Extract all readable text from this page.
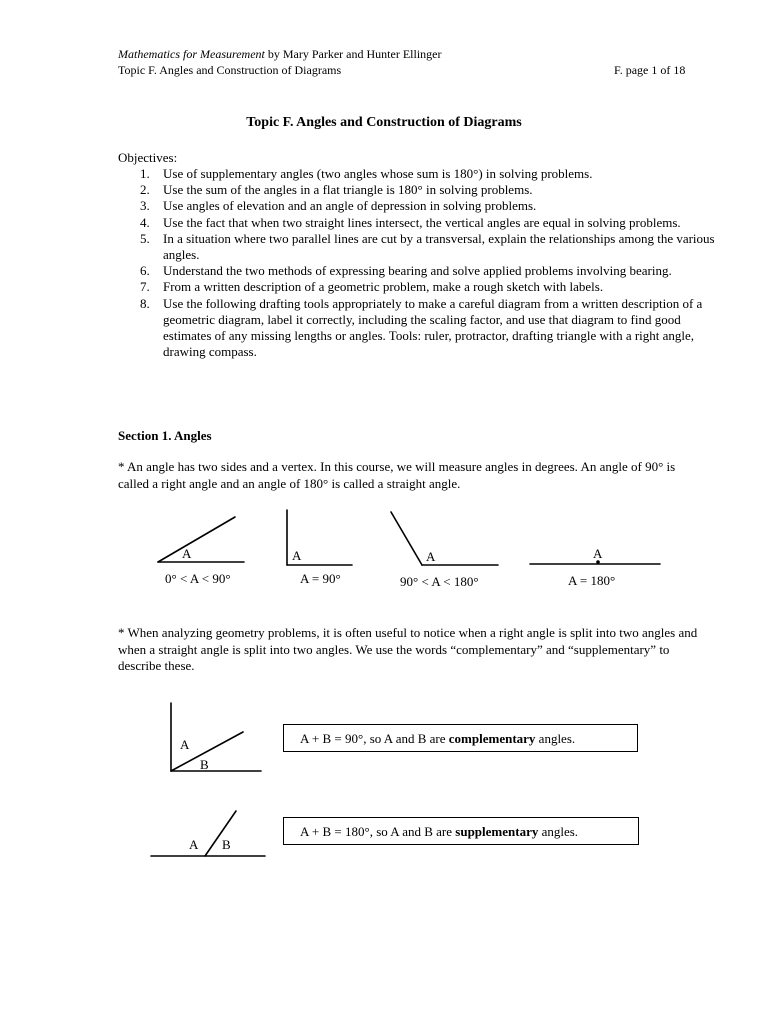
Mathematics for Measurement by Mary Parker and Hunter Ellinger
Topic F. Angles and Construction of Diagrams	F. page 1 of 18
Topic F. Angles and Construction of Diagrams
Objectives:
1. Use of supplementary angles (two angles whose sum is 180°) in solving problems.
2. Use the sum of the angles in a flat triangle is 180° in solving problems.
3. Use angles of elevation and an angle of depression in solving problems.
4. Use the fact that when two straight lines intersect, the vertical angles are equal in solving problems.
5. In a situation where two parallel lines are cut by a transversal, explain the relationships among the various angles.
6. Understand the two methods of expressing bearing and solve applied problems involving bearing.
7. From a written description of a geometric problem, make a rough sketch with labels.
8. Use the following drafting tools appropriately to make a careful diagram from a written description of a geometric diagram, label it correctly, including the scaling factor, and use that diagram to find good estimates of any missing lengths or angles. Tools: ruler, protractor, drafting triangle with a right angle, drawing compass.
Section 1. Angles
* An angle has two sides and a vertex. In this course, we will measure angles in degrees. An angle of 90° is called a right angle and an angle of 180° is called a straight angle.
A
0° < A < 90°
A
A = 90°
A
90° < A < 180°
A
A = 180°
* When analyzing geometry problems, it is often useful to notice when a right angle is split into two angles and when a straight angle is split into two angles. We use the words “complementary” and “supplementary” to describe these.
A
B
A + B = 90°, so A and B are complementary angles.
A B
A + B = 180°, so A and B are supplementary angles.
